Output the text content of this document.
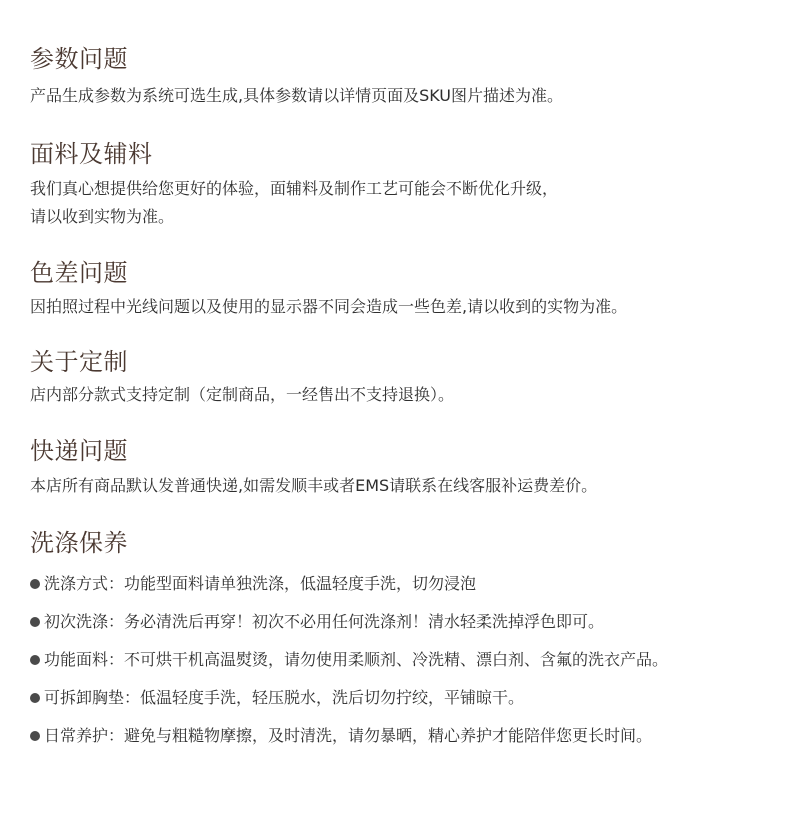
参数问题
产品生成参数为系统可选生成,具体参数请以详情页面及SKU图片描述为准。
面料及辅料
我们真心想提供给您更好的体验，面辅料及制作工艺可能会不断优化升级，
请以收到实物为准。
色差问题
因拍照过程中光线问题以及使用的显示器不同会造成一些色差,请以收到的实物为准。
关于定制
店内部分款式支持定制（定制商品，一经售出不支持退换）。
快递问题
本店所有商品默认发普通快递,如需发顺丰或者EMS请联系在线客服补运费差价。
洗涤保养
洗涤方式： 功能型面料请单独洗涤，低温轻度手洗，切勿浸泡
初次洗涤： 务必清洗后再穿！初次不必用任何洗涤剂！清水轻柔洗掉浮色即可。
功能面料： 不可烘干机高温熨烫，请勿使用柔顺剂、冷洗精、漂白剂、含氟的洗衣产品。
可拆卸胸垫： 低温轻度手洗，轻压脱水，洗后切勿拧绞，平铺晾干。
日常养护： 避免与粗糙物摩擦，及时清洗，请勿暴晒，精心养护才能陪伴您更长时间。
